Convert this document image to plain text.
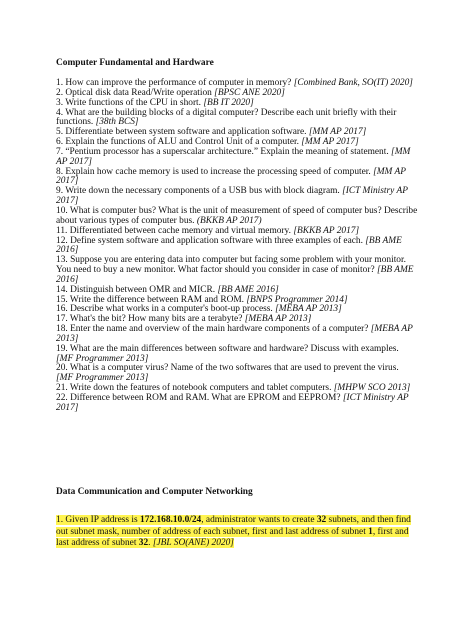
Computer Fundamental and Hardware

1. How can improve the performance of computer in memory? [Combined Bank, SO(IT) 2020]

2. Optical disk data Read/Write operation [BPSC ANE 2020]

3. Write functions of the CPU in short. [BB IT 2020]

4. What are the building blocks of a digital computer? Describe each unit briefly with their functions. [38th BCS]

5. Differentiate between system software and application software. [MM AP 2017]

6. Explain the functions of ALU and Control Unit of a computer. [MM AP 2017]

7. “Pentium processor has a superscalar architecture.” Explain the meaning of statement. [MM AP 2017]

8. Explain how cache memory is used to increase the processing speed of computer. [MM AP 2017]

9. Write down the necessary components of a USB bus with block diagram. [ICT Ministry AP 2017]

10. What is computer bus? What is the unit of measurement of speed of computer bus? Describe about various types of computer bus. (BKKB AP 2017)

11. Differentiated between cache memory and virtual memory. [BKKB AP 2017]

12. Define system software and application software with three examples of each. [BB AME 2016]

13. Suppose you are entering data into computer but facing some problem with your monitor. You need to buy a new monitor. What factor should you consider in case of monitor? [BB AME 2016]

14. Distinguish between OMR and MICR. [BB AME 2016]

15. Write the difference between RAM and ROM. [BNPS Programmer 2014]

16. Describe what works in a computer's boot-up process. [MEBA AP 2013]

17. What's the bit? How many bits are a terabyte? [MEBA AP 2013]

18. Enter the name and overview of the main hardware components of a computer? [MEBA AP 2013]

19. What are the main differences between software and hardware? Discuss with examples. [MF Programmer 2013]

20. What is a computer virus? Name of the two softwares that are used to prevent the virus. [MF Programmer 2013]

21. Write down the features of notebook computers and tablet computers. [MHPW SCO 2013]

22. Difference between ROM and RAM. What are EPROM and EEPROM? [ICT Ministry AP 2017]

Data Communication and Computer Networking
1. Given IP address is 172.168.10.0/24, administrator wants to create 32 subnets, and then find out subnet mask, number of address of each subnet, first and last address of subnet 1, first and last address of subnet 32. [JBL SO(ANE) 2020]
